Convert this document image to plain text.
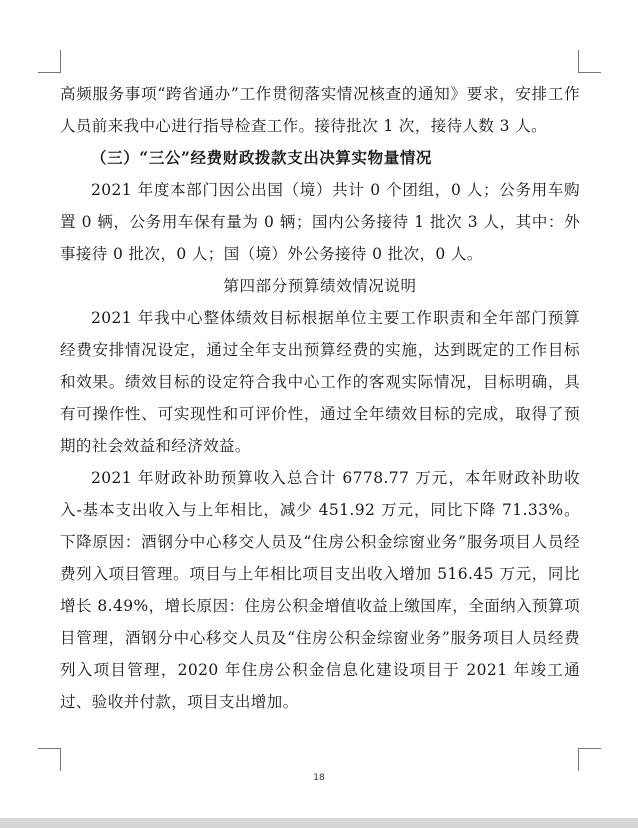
高频服务事项“跨省通办”工作贯彻落实情况核查的通知》要求，安排工作人员前来我中心进行指导检查工作。接待批次 1 次，接待人数 3 人。

（三）“三公”经费财政拨款支出决算实物量情况

2021 年度本部门因公出国（境）共计 0 个团组，0 人；公务用车购置 0 辆，公务用车保有量为 0 辆；国内公务接待 1 批次 3 人，其中：外事接待 0 批次，0 人；国（境）外公务接待 0 批次，0 人。

第四部分预算绩效情况说明

2021 年我中心整体绩效目标根据单位主要工作职责和全年部门预算经费安排情况设定，通过全年支出预算经费的实施，达到既定的工作目标和效果。绩效目标的设定符合我中心工作的客观实际情况，目标明确，具有可操作性、可实现性和可评价性，通过全年绩效目标的完成，取得了预期的社会效益和经济效益。

2021 年财政补助预算收入总合计 6778.77 万元，本年财政补助收入-基本支出收入与上年相比，减少 451.92 万元，同比下降 71.33%。下降原因：酒钢分中心移交人员及“住房公积金综窗业务”服务项目人员经费列入项目管理。项目与上年相比项目支出收入增加 516.45 万元，同比增长 8.49%，增长原因：住房公积金增值收益上缴国库，全面纳入预算项目管理，酒钢分中心移交人员及“住房公积金综窗业务”服务项目人员经费列入项目管理，2020 年住房公积金信息化建设项目于 2021 年竣工通过、验收并付款，项目支出增加。

18
